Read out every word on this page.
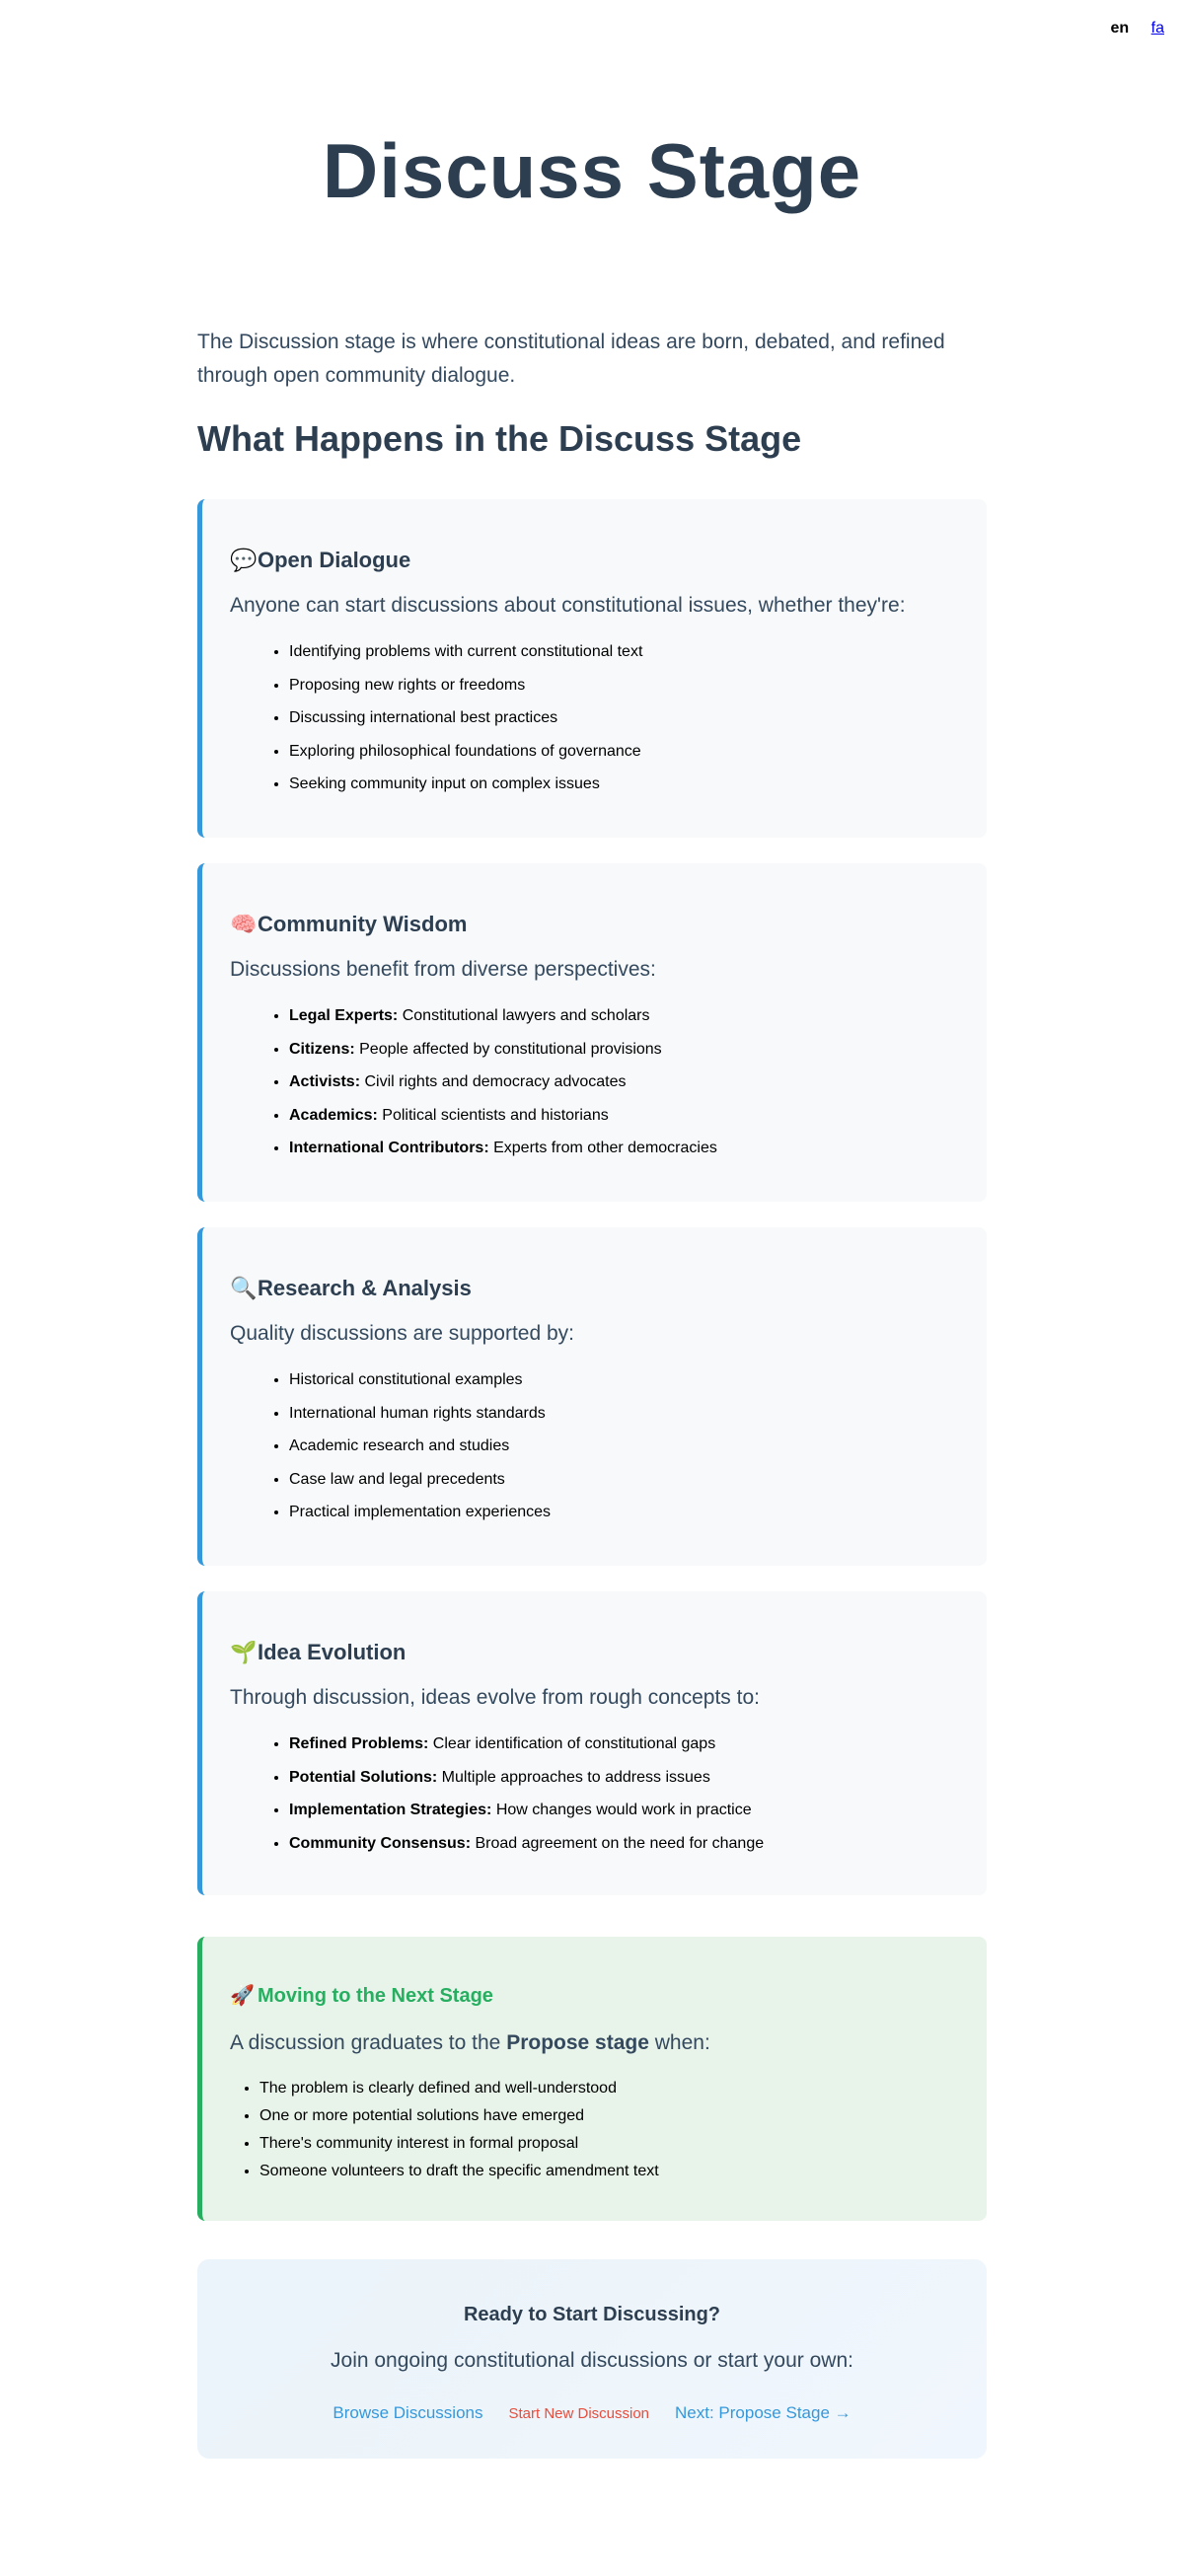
en fa
Discuss Stage

The Discussion stage is where constitutional ideas are born, debated, and refined through open community dialogue.

What Happens in the Discuss Stage
💬Open Dialogue

Anyone can start discussions about constitutional issues, whether they're:

• Identifying problems with current constitutional text
• Proposing new rights or freedoms
• Discussing international best practices
• Exploring philosophical foundations of governance
• Seeking community input on complex issues
🧠Community Wisdom

Discussions benefit from diverse perspectives:

• Legal Experts: Constitutional lawyers and scholars
• Citizens: People affected by constitutional provisions
• Activists: Civil rights and democracy advocates
• Academics: Political scientists and historians
• International Contributors: Experts from other democracies
🔍Research & Analysis

Quality discussions are supported by:

• Historical constitutional examples
• International human rights standards
• Academic research and studies
• Case law and legal precedents
• Practical implementation experiences
🌱Idea Evolution

Through discussion, ideas evolve from rough concepts to:

• Refined Problems: Clear identification of constitutional gaps
• Potential Solutions: Multiple approaches to address issues
• Implementation Strategies: How changes would work in practice
• Community Consensus: Broad agreement on the need for change
🚀 Moving to the Next Stage

A discussion graduates to the Propose stage when:

• The problem is clearly defined and well-understood
• One or more potential solutions have emerged
• There's community interest in formal proposal
• Someone volunteers to draft the specific amendment text
Ready to Start Discussing?

Join ongoing constitutional discussions or start your own:

Browse Discussions Start New Discussion Next: Propose Stage →
